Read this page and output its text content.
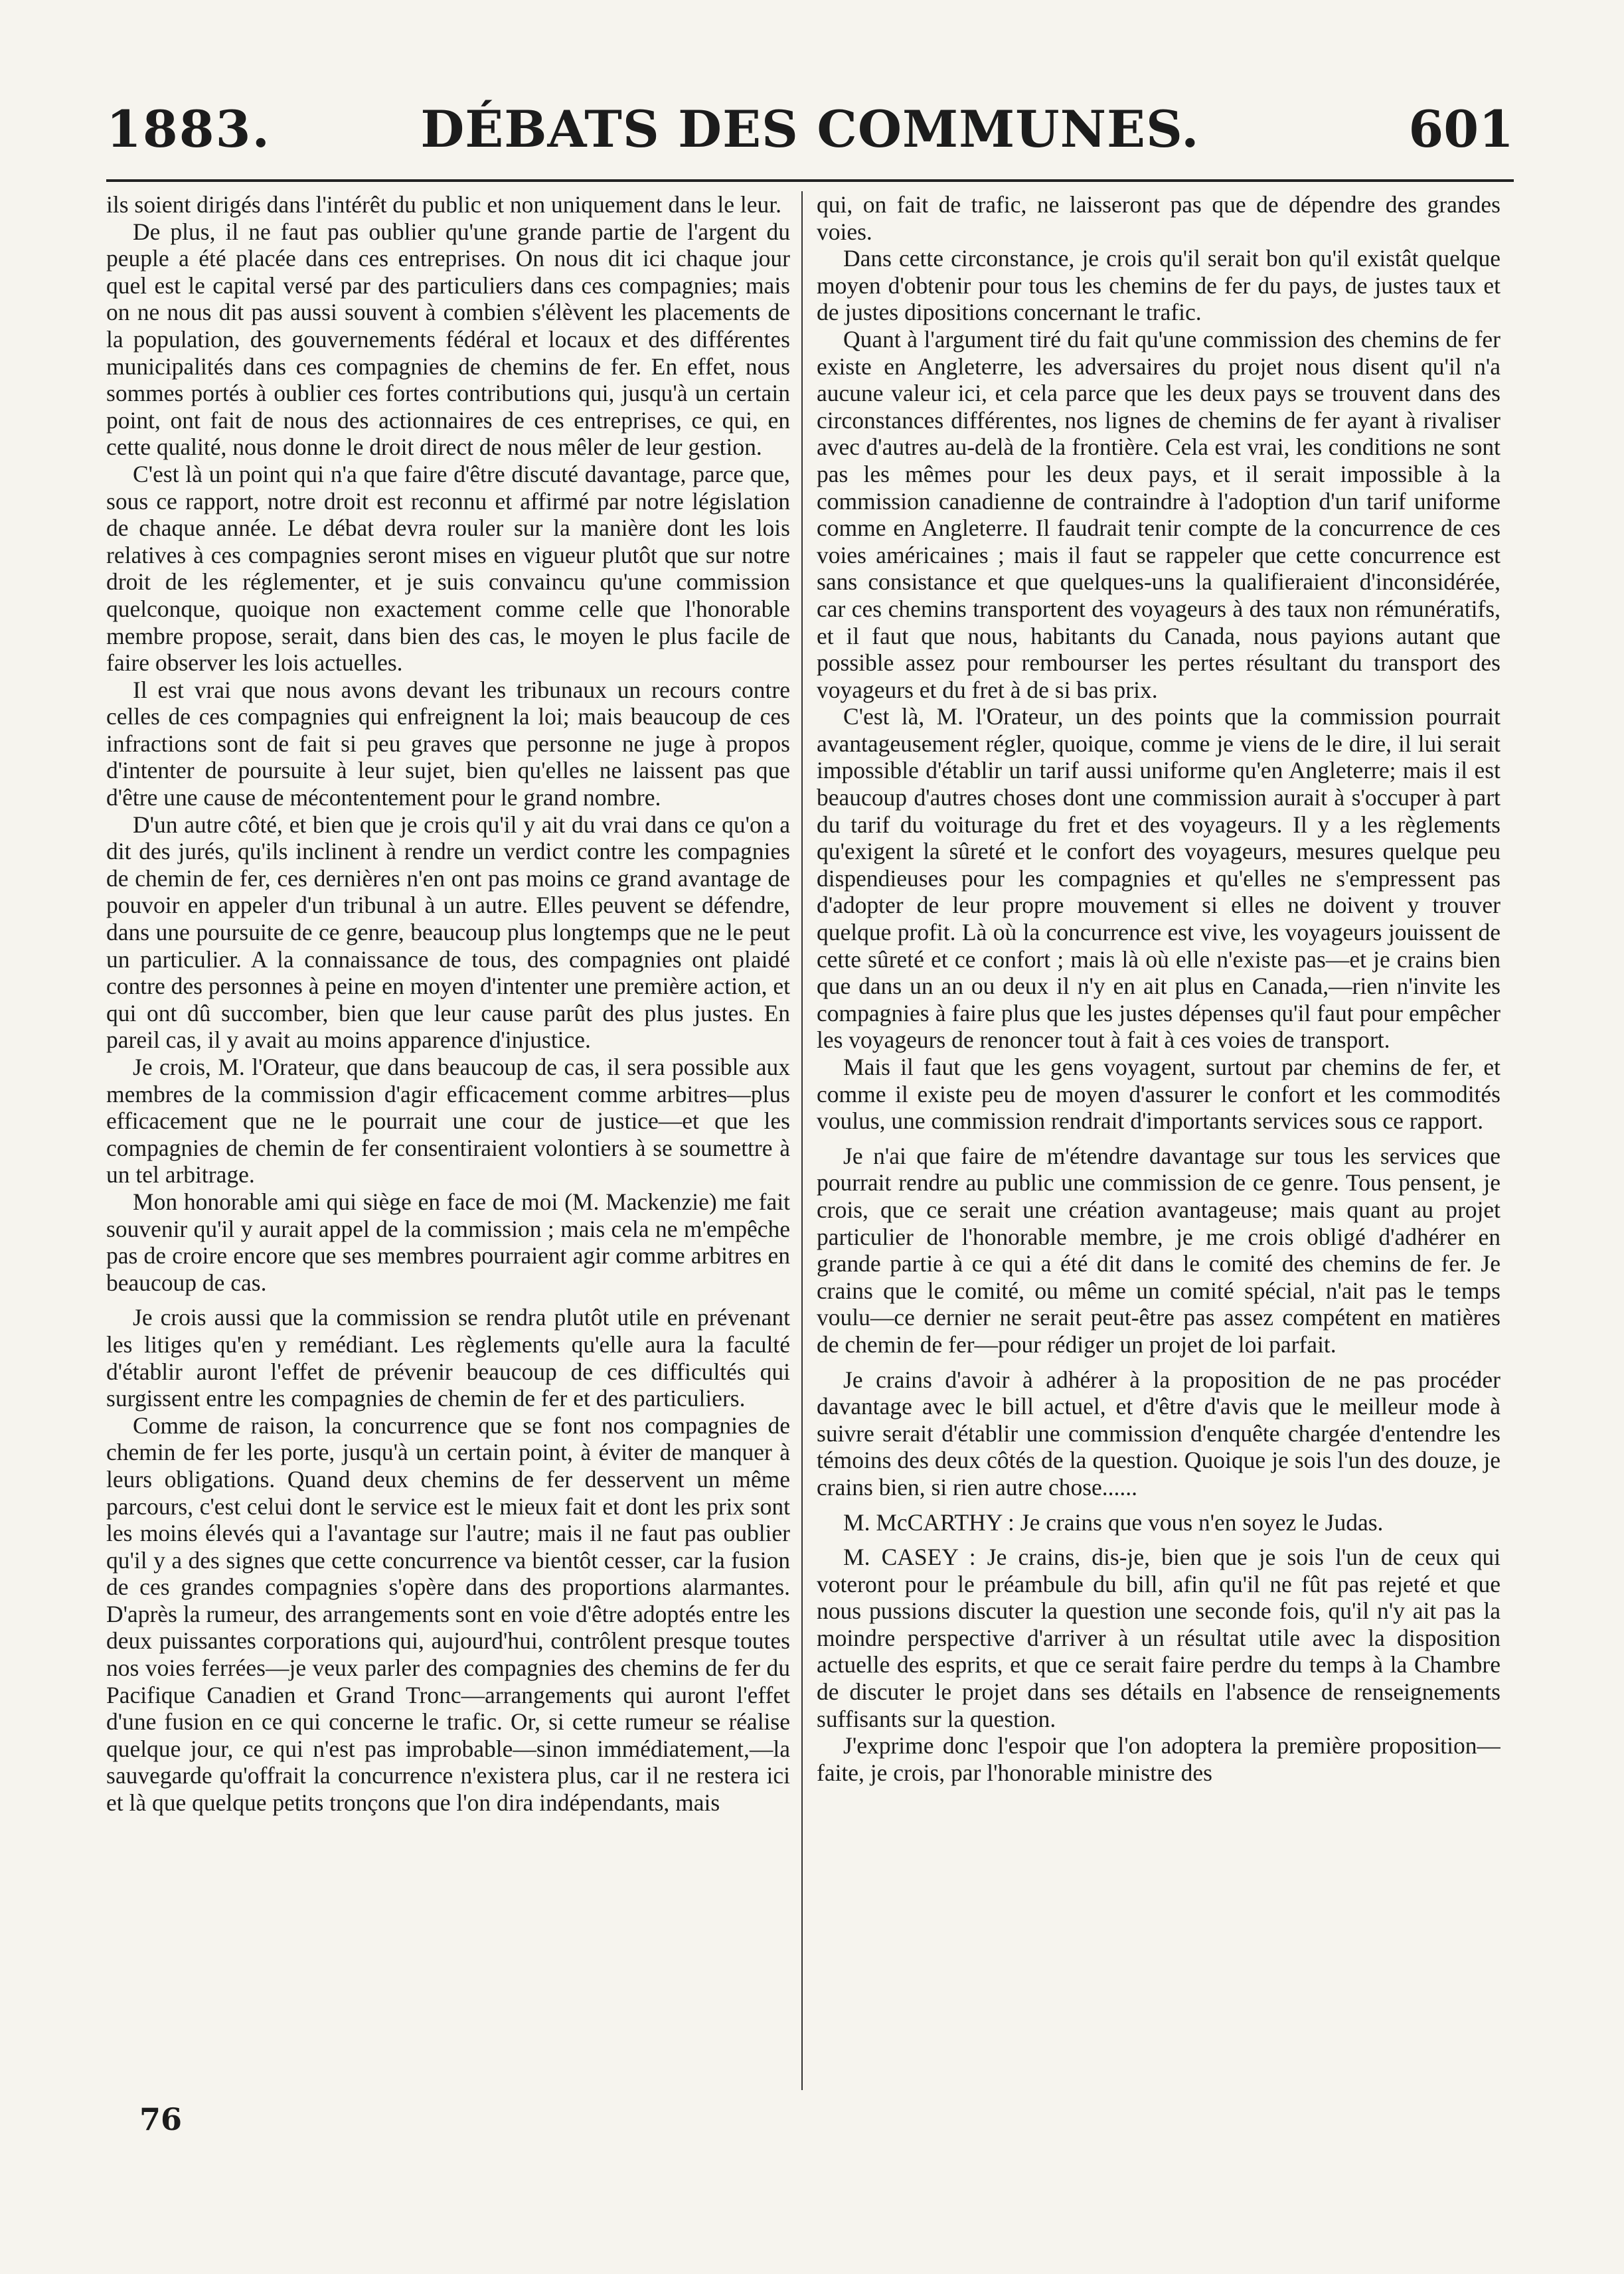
1883.	DÉBATS DES COMMUNES.	601

ils soient dirigés dans l'intérêt du public et non uniquement dans le leur.

De plus, il ne faut pas oublier qu'une grande partie de l'argent du peuple a été placée dans ces entreprises. On nous dit ici chaque jour quel est le capital versé par des particuliers dans ces compagnies; mais on ne nous dit pas aussi souvent à combien s'élèvent les placements de la population, des gouvernements fédéral et locaux et des différentes municipalités dans ces compagnies de chemins de fer. En effet, nous sommes portés à oublier ces fortes contributions qui, jusqu'à un certain point, ont fait de nous des actionnaires de ces entreprises, ce qui, en cette qualité, nous donne le droit direct de nous mêler de leur gestion.

C'est là un point qui n'a que faire d'être discuté davantage, parce que, sous ce rapport, notre droit est reconnu et affirmé par notre législation de chaque année. Le débat devra rouler sur la manière dont les lois relatives à ces compagnies seront mises en vigueur plutôt que sur notre droit de les réglementer, et je suis convaincu qu'une commission quelconque, quoique non exactement comme celle que l'honorable membre propose, serait, dans bien des cas, le moyen le plus facile de faire observer les lois actuelles.

Il est vrai que nous avons devant les tribunaux un recours contre celles de ces compagnies qui enfreignent la loi; mais beaucoup de ces infractions sont de fait si peu graves que personne ne juge à propos d'intenter de poursuite à leur sujet, bien qu'elles ne laissent pas que d'être une cause de mécontentement pour le grand nombre.

D'un autre côté, et bien que je crois qu'il y ait du vrai dans ce qu'on a dit des jurés, qu'ils inclinent à rendre un verdict contre les compagnies de chemin de fer, ces dernières n'en ont pas moins ce grand avantage de pouvoir en appeler d'un tribunal à un autre. Elles peuvent se défendre, dans une poursuite de ce genre, beaucoup plus longtemps que ne le peut un particulier. A la connaissance de tous, des compagnies ont plaidé contre des personnes à peine en moyen d'intenter une première action, et qui ont dû succomber, bien que leur cause parût des plus justes. En pareil cas, il y avait au moins apparence d'injustice.

Je crois, M. l'Orateur, que dans beaucoup de cas, il sera possible aux membres de la commission d'agir efficacement comme arbitres—plus efficacement que ne le pourrait une cour de justice—et que les compagnies de chemin de fer consentiraient volontiers à se soumettre à un tel arbitrage.

Mon honorable ami qui siège en face de moi (M. Mackenzie) me fait souvenir qu'il y aurait appel de la commission ; mais cela ne m'empêche pas de croire encore que ses membres pourraient agir comme arbitres en beaucoup de cas.

Je crois aussi que la commission se rendra plutôt utile en prévenant les litiges qu'en y remédiant. Les règlements qu'elle aura la faculté d'établir auront l'effet de prévenir beaucoup de ces difficultés qui surgissent entre les compagnies de chemin de fer et des particuliers.

Comme de raison, la concurrence que se font nos compagnies de chemin de fer les porte, jusqu'à un certain point, à éviter de manquer à leurs obligations. Quand deux chemins de fer desservent un même parcours, c'est celui dont le service est le mieux fait et dont les prix sont les moins élevés qui a l'avantage sur l'autre; mais il ne faut pas oublier qu'il y a des signes que cette concurrence va bientôt cesser, car la fusion de ces grandes compagnies s'opère dans des proportions alarmantes. D'après la rumeur, des arrangements sont en voie d'être adoptés entre les deux puissantes corporations qui, aujourd'hui, contrôlent presque toutes nos voies ferrées—je veux parler des compagnies des chemins de fer du Pacifique Canadien et Grand Tronc—arrangements qui auront l'effet d'une fusion en ce qui concerne le trafic. Or, si cette rumeur se réalise quelque jour, ce qui n'est pas improbable—sinon immédiatement,—la sauvegarde qu'offrait la concurrence n'existera plus, car il ne restera ici et là que quelque petits tronçons que l'on dira indépendants, mais

qui, on fait de trafic, ne laisseront pas que de dépendre des grandes voies.

Dans cette circonstance, je crois qu'il serait bon qu'il existât quelque moyen d'obtenir pour tous les chemins de fer du pays, de justes taux et de justes dipositions concernant le trafic.

Quant à l'argument tiré du fait qu'une commission des chemins de fer existe en Angleterre, les adversaires du projet nous disent qu'il n'a aucune valeur ici, et cela parce que les deux pays se trouvent dans des circonstances différentes, nos lignes de chemins de fer ayant à rivaliser avec d'autres au-delà de la frontière. Cela est vrai, les conditions ne sont pas les mêmes pour les deux pays, et il serait impossible à la commission canadienne de contraindre à l'adoption d'un tarif uniforme comme en Angleterre. Il faudrait tenir compte de la concurrence de ces voies américaines ; mais il faut se rappeler que cette concurrence est sans consistance et que quelques-uns la qualifieraient d'inconsidérée, car ces chemins transportent des voyageurs à des taux non rémunératifs, et il faut que nous, habitants du Canada, nous payions autant que possible assez pour rembourser les pertes résultant du transport des voyageurs et du fret à de si bas prix.

C'est là, M. l'Orateur, un des points que la commission pourrait avantageusement régler, quoique, comme je viens de le dire, il lui serait impossible d'établir un tarif aussi uniforme qu'en Angleterre; mais il est beaucoup d'autres choses dont une commission aurait à s'occuper à part du tarif du voiturage du fret et des voyageurs. Il y a les règlements qu'exigent la sûreté et le confort des voyageurs, mesures quelque peu dispendieuses pour les compagnies et qu'elles ne s'empressent pas d'adopter de leur propre mouvement si elles ne doivent y trouver quelque profit. Là où la concurrence est vive, les voyageurs jouissent de cette sûreté et ce confort ; mais là où elle n'existe pas—et je crains bien que dans un an ou deux il n'y en ait plus en Canada,—rien n'invite les compagnies à faire plus que les justes dépenses qu'il faut pour empêcher les voyageurs de renoncer tout à fait à ces voies de transport.

Mais il faut que les gens voyagent, surtout par chemins de fer, et comme il existe peu de moyen d'assurer le confort et les commodités voulus, une commission rendrait d'importants services sous ce rapport.

Je n'ai que faire de m'étendre davantage sur tous les services que pourrait rendre au public une commission de ce genre. Tous pensent, je crois, que ce serait une création avantageuse; mais quant au projet particulier de l'honorable membre, je me crois obligé d'adhérer en grande partie à ce qui a été dit dans le comité des chemins de fer. Je crains que le comité, ou même un comité spécial, n'ait pas le temps voulu—ce dernier ne serait peut-être pas assez compétent en matières de chemin de fer—pour rédiger un projet de loi parfait.

Je crains d'avoir à adhérer à la proposition de ne pas procéder davantage avec le bill actuel, et d'être d'avis que le meilleur mode à suivre serait d'établir une commission d'enquête chargée d'entendre les témoins des deux côtés de la question. Quoique je sois l'un des douze, je crains bien, si rien autre chose......

M. McCARTHY : Je crains que vous n'en soyez le Judas.

M. CASEY : Je crains, dis-je, bien que je sois l'un de ceux qui voteront pour le préambule du bill, afin qu'il ne fût pas rejeté et que nous pussions discuter la question une seconde fois, qu'il n'y ait pas la moindre perspective d'arriver à un résultat utile avec la disposition actuelle des esprits, et que ce serait faire perdre du temps à la Chambre de discuter le projet dans ses détails en l'absence de renseignements suffisants sur la question.

J'exprime donc l'espoir que l'on adoptera la première proposition—faite, je crois, par l'honorable ministre des

76
